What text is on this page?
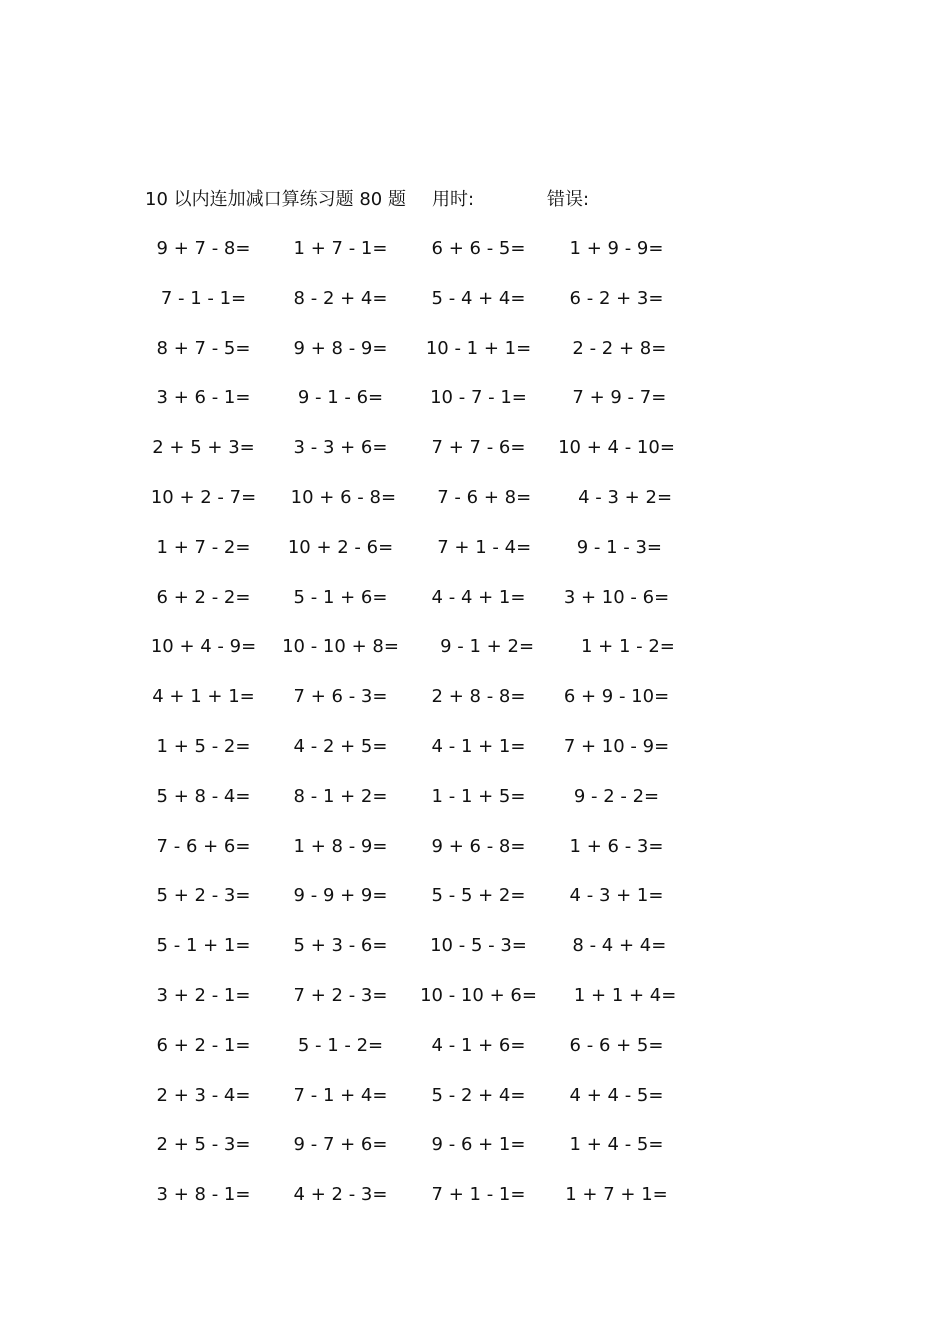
10 以内连加减口算练习题 80 题 用时:	错误:
9 + 7 - 8=	1 + 7 - 1=	6 + 6 - 5=	1 + 9 - 9=
7 - 1 - 1=	8 - 2 + 4=	5 - 4 + 4=	6 - 2 + 3=
8 + 7 - 5=	9 + 8 - 9=	10 - 1 + 1=	2 - 2 + 8=
3 + 6 - 1=	9 - 1 - 6=	10 - 7 - 1=	7 + 9 - 7=
2 + 5 + 3=	3 - 3 + 6=	7 + 7 - 6=	10 + 4 - 10=
10 + 2 - 7=	10 + 6 - 8=	7 - 6 + 8=	4 - 3 + 2=
1 + 7 - 2=	10 + 2 - 6=	7 + 1 - 4=	9 - 1 - 3=
6 + 2 - 2=	5 - 1 + 6=	4 - 4 + 1=	3 + 10 - 6=
10 + 4 - 9=	10 - 10 + 8=	9 - 1 + 2=	1 + 1 - 2=
4 + 1 + 1=	7 + 6 - 3=	2 + 8 - 8=	6 + 9 - 10=
1 + 5 - 2=	4 - 2 + 5=	4 - 1 + 1=	7 + 10 - 9=
5 + 8 - 4=	8 - 1 + 2=	1 - 1 + 5=	9 - 2 - 2=
7 - 6 + 6=	1 + 8 - 9=	9 + 6 - 8=	1 + 6 - 3=
5 + 2 - 3=	9 - 9 + 9=	5 - 5 + 2=	4 - 3 + 1=
5 - 1 + 1=	5 + 3 - 6=	10 - 5 - 3=	8 - 4 + 4=
3 + 2 - 1=	7 + 2 - 3=	10 - 10 + 6=	1 + 1 + 4=
6 + 2 - 1=	5 - 1 - 2=	4 - 1 + 6=	6 - 6 + 5=
2 + 3 - 4=	7 - 1 + 4=	5 - 2 + 4=	4 + 4 - 5=
2 + 5 - 3=	9 - 7 + 6=	9 - 6 + 1=	1 + 4 - 5=
3 + 8 - 1=	4 + 2 - 3=	7 + 1 - 1=	1 + 7 + 1=
